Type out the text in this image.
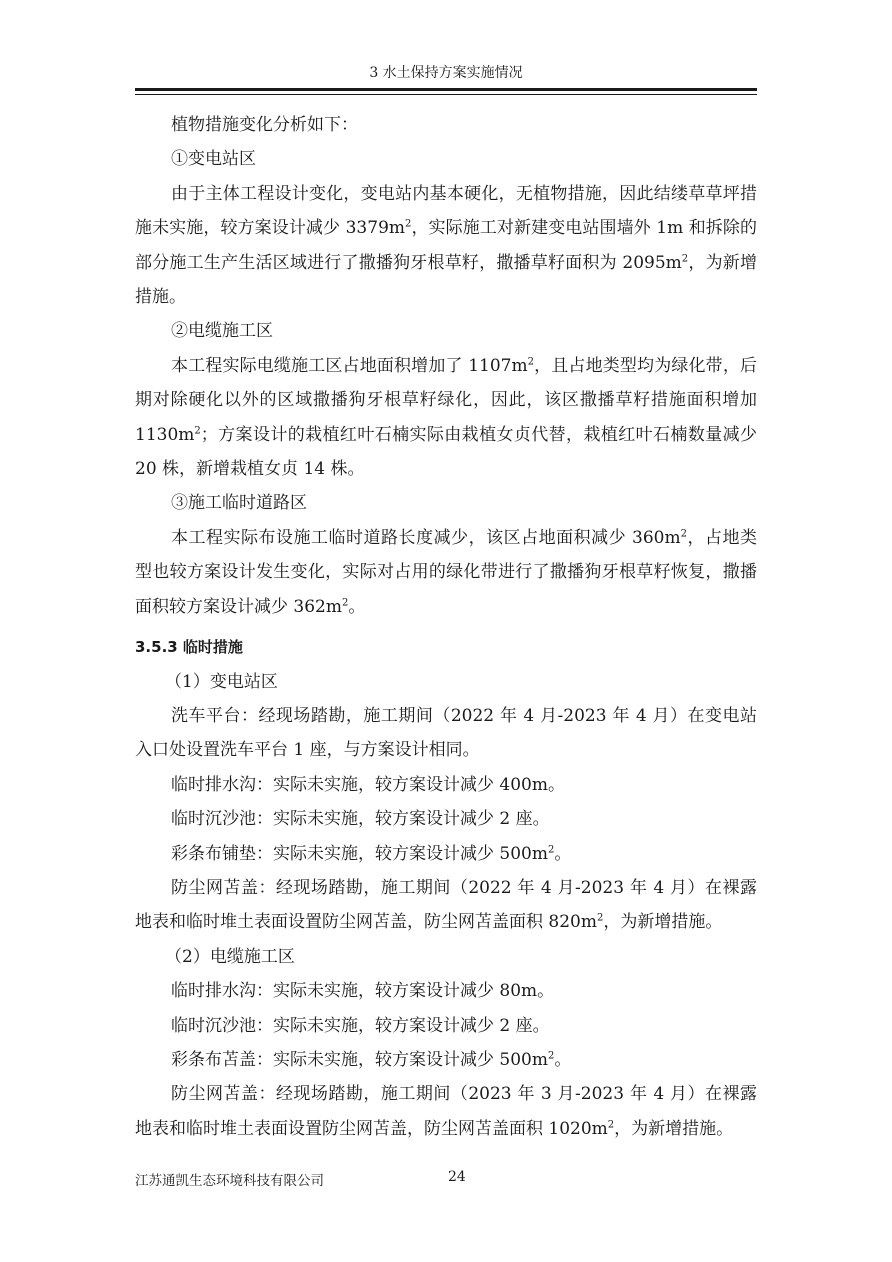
3 水土保持方案实施情况

植物措施变化分析如下：

①变电站区

由于主体工程设计变化，变电站内基本硬化，无植物措施，因此结缕草草坪措施未实施，较方案设计减少 $3379m^2$，实际施工对新建变电站围墙外 1m 和拆除的部分施工生产生活区域进行了撒播狗牙根草籽，撒播草籽面积为 $2095m^2$，为新增措施。

②电缆施工区

本工程实际电缆施工区占地面积增加了 $1107m^2$，且占地类型均为绿化带，后期对除硬化以外的区域撒播狗牙根草籽绿化，因此，该区撒播草籽措施面积增加 $1130m^2$；方案设计的栽植红叶石楠实际由栽植女贞代替，栽植红叶石楠数量减少 20 株，新增栽植女贞 14 株。

③施工临时道路区

本工程实际布设施工临时道路长度减少，该区占地面积减少 $360m^2$，占地类型也较方案设计发生变化，实际对占用的绿化带进行了撒播狗牙根草籽恢复，撒播面积较方案设计减少 $362m^2$。

3.5.3 临时措施

（1）变电站区

洗车平台：经现场踏勘，施工期间（2022 年 4 月-2023 年 4 月）在变电站入口处设置洗车平台 1 座，与方案设计相同。

临时排水沟：实际未实施，较方案设计减少 400m。

临时沉沙池：实际未实施，较方案设计减少 2 座。

彩条布铺垫：实际未实施，较方案设计减少 $500m^2$。

防尘网苫盖：经现场踏勘，施工期间（2022 年 4 月-2023 年 4 月）在裸露地表和临时堆土表面设置防尘网苫盖，防尘网苫盖面积 $820m^2$，为新增措施。

（2）电缆施工区

临时排水沟：实际未实施，较方案设计减少 80m。

临时沉沙池：实际未实施，较方案设计减少 2 座。

彩条布苫盖：实际未实施，较方案设计减少 $500m^2$。

防尘网苫盖：经现场踏勘，施工期间（2023 年 3 月-2023 年 4 月）在裸露地表和临时堆土表面设置防尘网苫盖，防尘网苫盖面积 $1020m^2$，为新增措施。

江苏通凯生态环境科技有限公司	24
